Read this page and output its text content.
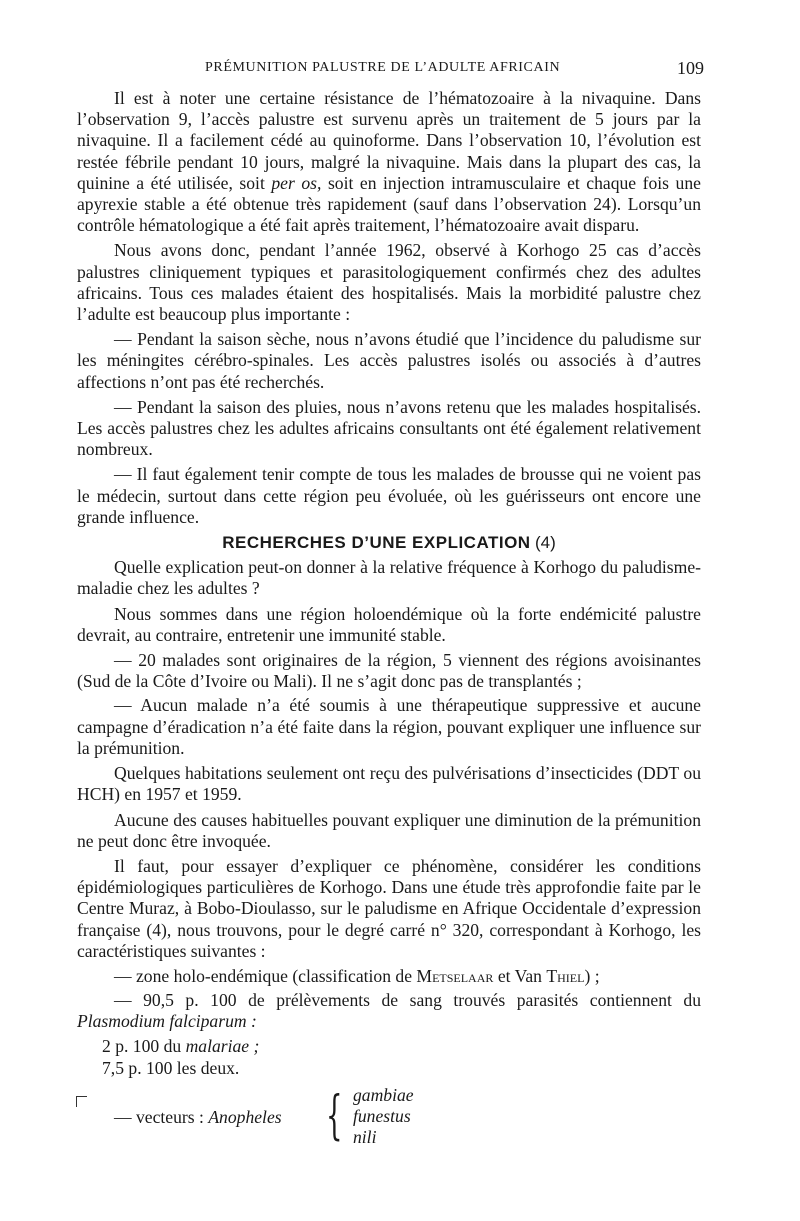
PRÉMUNITION PALUSTRE DE L’ADULTE AFRICAIN	109

Il est à noter une certaine résistance de l’hématozoaire à la nivaquine. Dans l’observation 9, l’accès palustre est survenu après un traitement de 5 jours par la nivaquine. Il a facilement cédé au quinoforme. Dans l’observation 10, l’évolution est restée fébrile pendant 10 jours, malgré la nivaquine. Mais dans la plupart des cas, la quinine a été utilisée, soit per os, soit en injection intramusculaire et chaque fois une apyrexie stable a été obtenue très rapidement (sauf dans l’observation 24). Lorsqu’un contrôle hématologique a été fait après traitement, l’hématozoaire avait disparu.

Nous avons donc, pendant l’année 1962, observé à Korhogo 25 cas d’accès palustres cliniquement typiques et parasitologiquement confirmés chez des adultes africains. Tous ces malades étaient des hospitalisés. Mais la morbidité palustre chez l’adulte est beaucoup plus importante :

— Pendant la saison sèche, nous n’avons étudié que l’incidence du paludisme sur les méningites cérébro-spinales. Les accès palustres isolés ou associés à d’autres affections n’ont pas été recherchés.

— Pendant la saison des pluies, nous n’avons retenu que les malades hospitalisés. Les accès palustres chez les adultes africains consultants ont été également relativement nombreux.

— Il faut également tenir compte de tous les malades de brousse qui ne voient pas le médecin, surtout dans cette région peu évoluée, où les guérisseurs ont encore une grande influence.

RECHERCHES D’UNE EXPLICATION (4)

Quelle explication peut-on donner à la relative fréquence à Korhogo du paludisme-maladie chez les adultes ?

Nous sommes dans une région holoendémique où la forte endémicité palustre devrait, au contraire, entretenir une immunité stable.

— 20 malades sont originaires de la région, 5 viennent des régions avoisinantes (Sud de la Côte d’Ivoire ou Mali). Il ne s’agit donc pas de transplantés ;

— Aucun malade n’a été soumis à une thérapeutique suppressive et aucune campagne d’éradication n’a été faite dans la région, pouvant expliquer une influence sur la prémunition.

Quelques habitations seulement ont reçu des pulvérisations d’insecticides (DDT ou HCH) en 1957 et 1959.

Aucune des causes habituelles pouvant expliquer une diminution de la prémunition ne peut donc être invoquée.

Il faut, pour essayer d’expliquer ce phénomène, considérer les conditions épidémiologiques particulières de Korhogo. Dans une étude très approfondie faite par le Centre Muraz, à Bobo-Dioulasso, sur le paludisme en Afrique Occidentale d’expression française (4), nous trouvons, pour le degré carré n° 320, correspondant à Korhogo, les caractéristiques suivantes :

— zone holo-endémique (classification de Metselaar et Van Thiel) ;

— 90,5 p. 100 de prélèvements de sang trouvés parasités contiennent du Plasmodium falciparum :

2 p. 100 du malariae ;

7,5 p. 100 les deux.

— vecteurs : Anopheles { gambiae
funestus
nili
